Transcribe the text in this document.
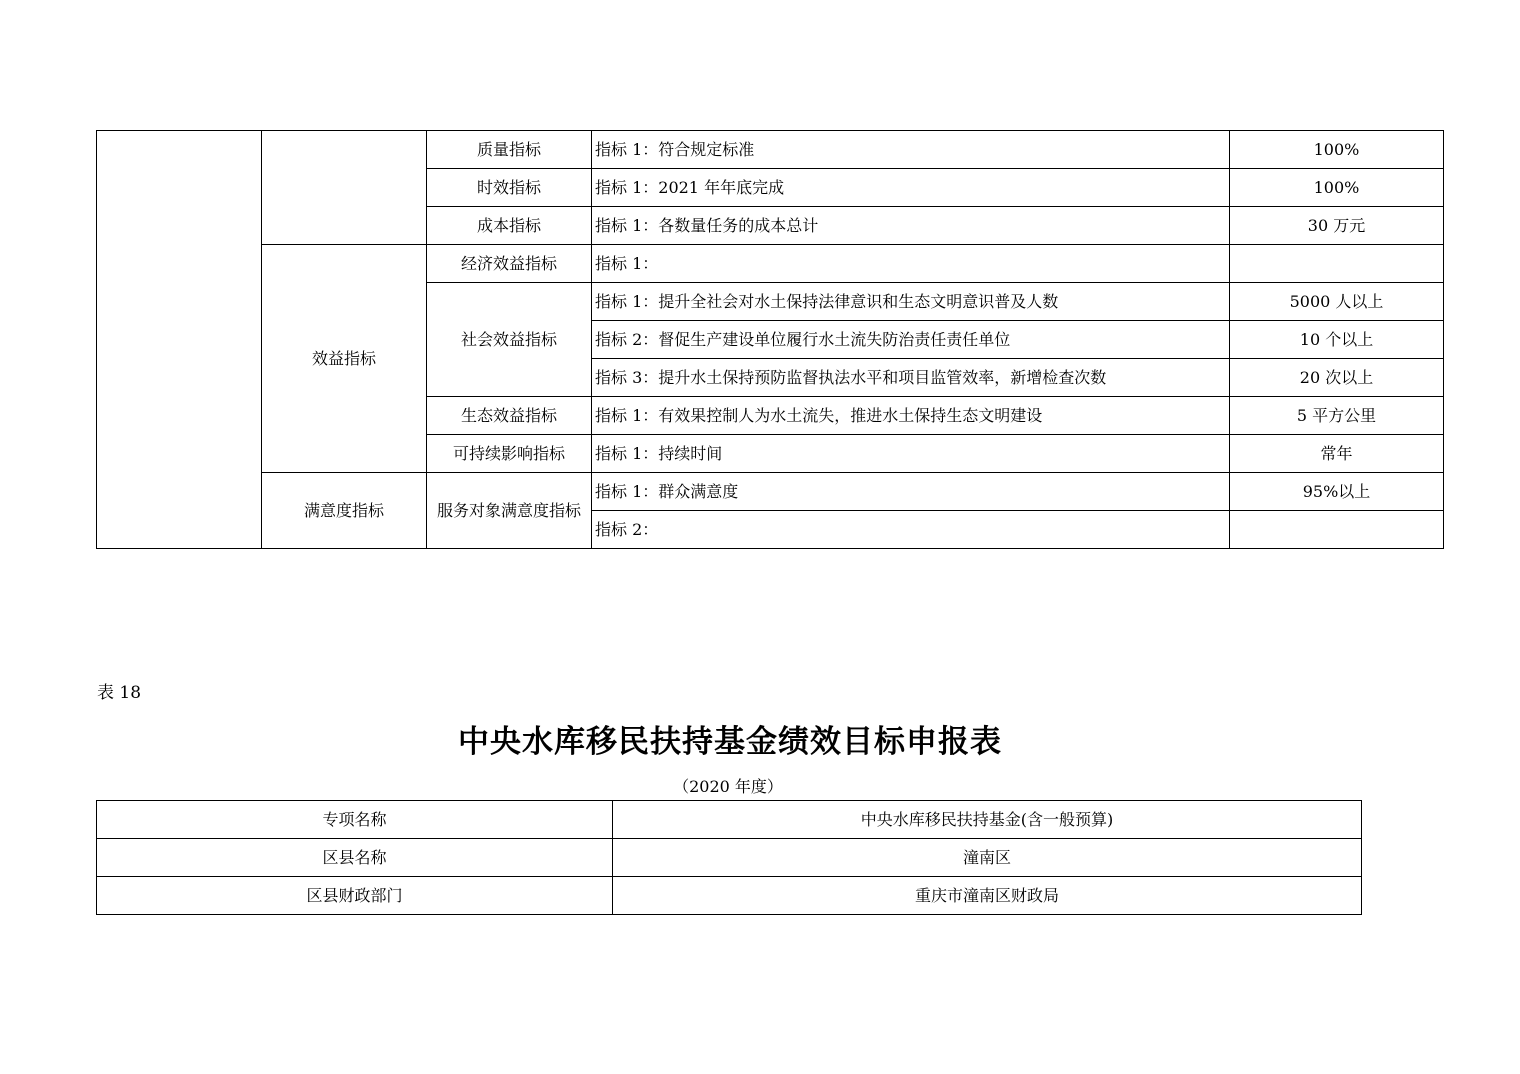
		质量指标	指标 1：符合规定标准	100%
		时效指标	指标 1：2021 年年底完成	100%
		成本指标	指标 1：各数量任务的成本总计	30 万元
	效益指标	经济效益指标	指标 1：	
		社会效益指标	指标 1：提升全社会对水土保持法律意识和生态文明意识普及人数	5000 人以上
			指标 2：督促生产建设单位履行水土流失防治责任责任单位	10 个以上
			指标 3：提升水土保持预防监督执法水平和项目监管效率，新增检查次数	20 次以上
		生态效益指标	指标 1：有效果控制人为水土流失，推进水土保持生态文明建设	5 平方公里
		可持续影响指标	指标 1：持续时间	常年
	满意度指标	服务对象满意度指标	指标 1：群众满意度	95%以上
			指标 2：	
表 18
中央水库移民扶持基金绩效目标申报表
（2020 年度）
专项名称	中央水库移民扶持基金(含一般预算)
区县名称	潼南区
区县财政部门	重庆市潼南区财政局
